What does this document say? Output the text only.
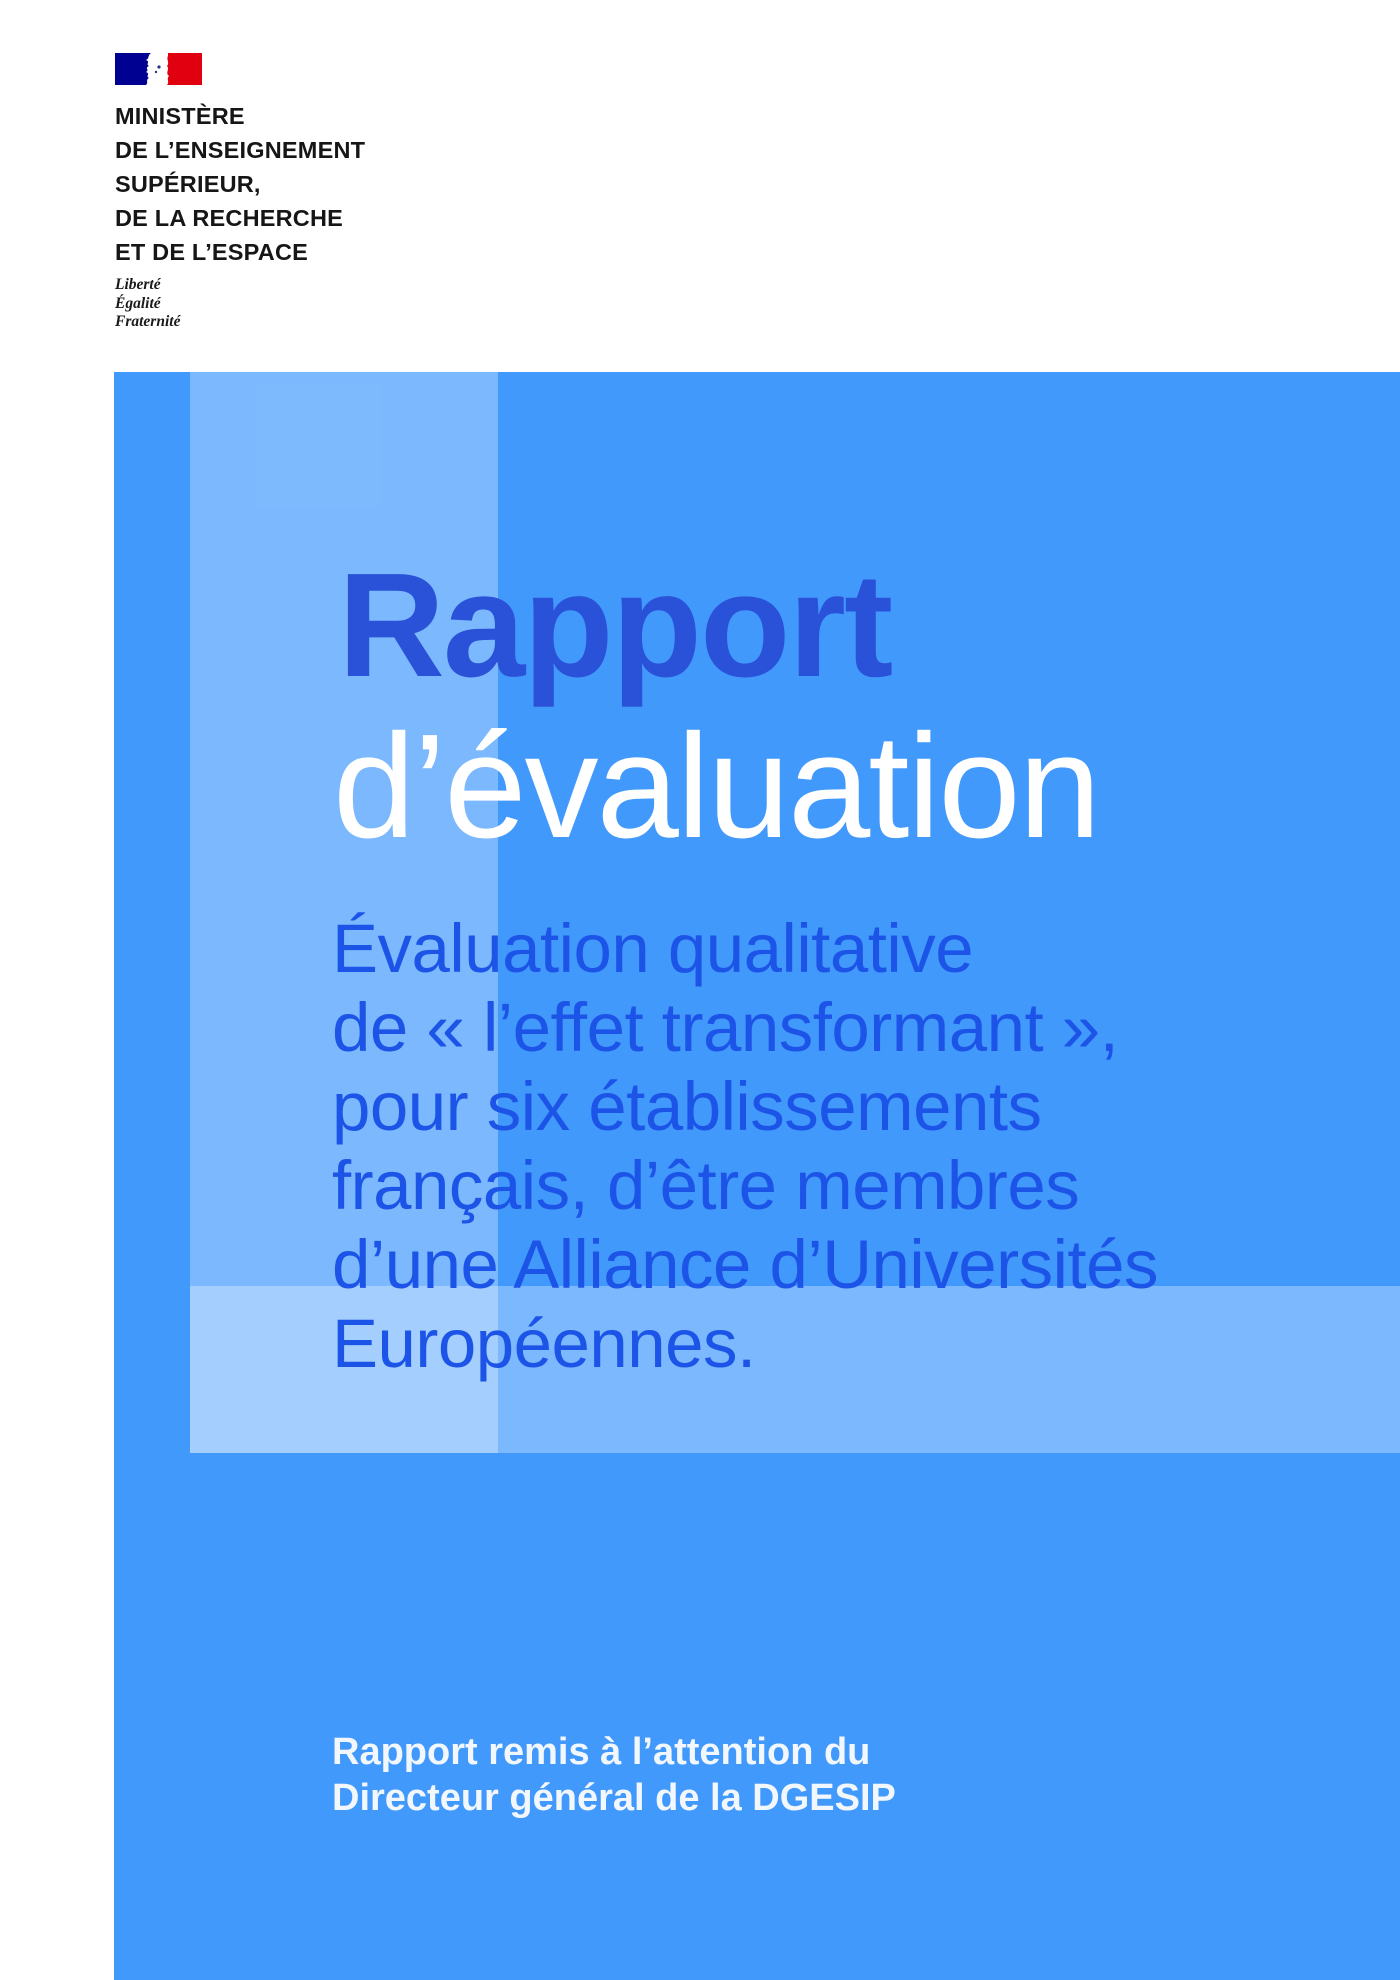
MINISTÈRE
DE L’ENSEIGNEMENT
SUPÉRIEUR,
DE LA RECHERCHE
ET DE L’ESPACE
Liberté
Égalité
Fraternité
Rapport
d’évaluation
Évaluation qualitative
de « l’effet transformant »,
pour six établissements
français, d’être membres
d’une Alliance d’Universités
Européennes.
Rapport remis à l’attention du
Directeur général de la DGESIP
